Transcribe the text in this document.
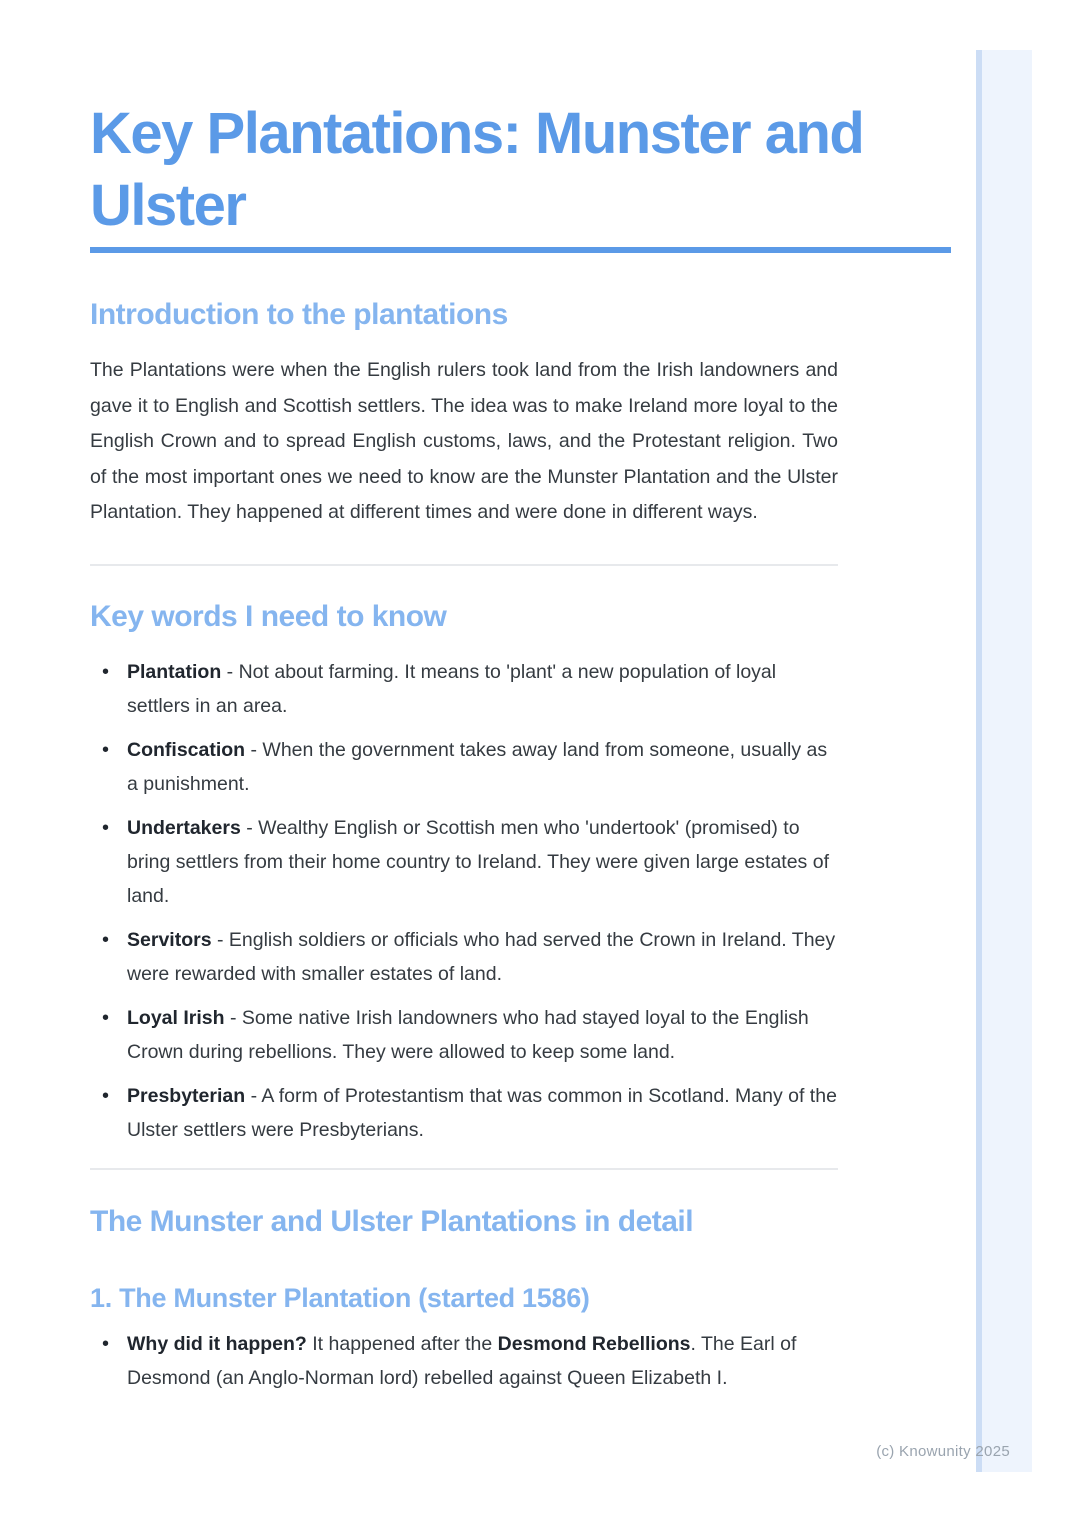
Key Plantations: Munster and
Ulster
Introduction to the plantations

The Plantations were when the English rulers took land from the Irish landowners and gave it to English and Scottish settlers. The idea was to make Ireland more loyal to the English Crown and to spread English customs, laws, and the Protestant religion. Two of the most important ones we need to know are the Munster Plantation and the Ulster Plantation. They happened at different times and were done in different ways.

Key words I need to know
• Plantation - Not about farming. It means to 'plant' a new population of loyal settlers in an area.
• Confiscation - When the government takes away land from someone, usually as a punishment.
• Undertakers - Wealthy English or Scottish men who 'undertook' (promised) to bring settlers from their home country to Ireland. They were given large estates of land.
• Servitors - English soldiers or officials who had served the Crown in Ireland. They were rewarded with smaller estates of land.
• Loyal Irish - Some native Irish landowners who had stayed loyal to the English Crown during rebellions. They were allowed to keep some land.
• Presbyterian - A form of Protestantism that was common in Scotland. Many of the Ulster settlers were Presbyterians.
The Munster and Ulster Plantations in detail
1. The Munster Plantation (started 1586)
• Why did it happen? It happened after the Desmond Rebellions. The Earl of Desmond (an Anglo-Norman lord) rebelled against Queen Elizabeth I.
(c) Knowunity 2025
